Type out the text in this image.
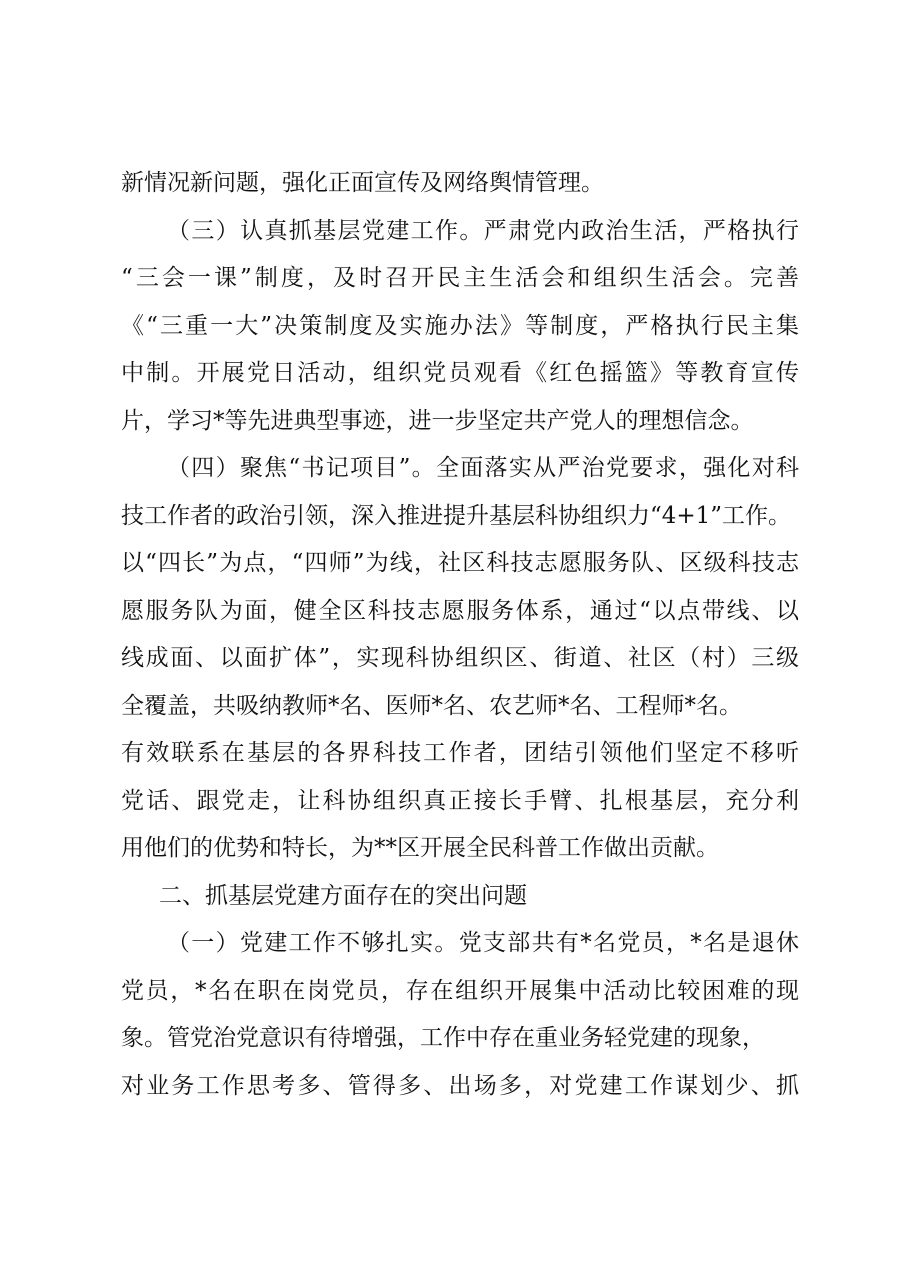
新情况新问题，强化正面宣传及网络舆情管理。
（三）认真抓基层党建工作。严肃党内政治生活，严格执行
“三会一课”制度，及时召开民主生活会和组织生活会。完善
《“三重一大”决策制度及实施办法》等制度，严格执行民主集
中制。开展党日活动，组织党员观看《红色摇篮》等教育宣传
片，学习*等先进典型事迹，进一步坚定共产党人的理想信念。
（四）聚焦“书记项目”。全面落实从严治党要求，强化对科
技工作者的政治引领，深入推进提升基层科协组织力“4+1”工作。
以“四长”为点，“四师”为线，社区科技志愿服务队、区级科技志
愿服务队为面，健全区科技志愿服务体系，通过“以点带线、以
线成面、以面扩体”，实现科协组织区、街道、社区（村）三级
全覆盖，共吸纳教师*名、医师*名、农艺师*名、工程师*名。
有效联系在基层的各界科技工作者，团结引领他们坚定不移听
党话、跟党走，让科协组织真正接长手臂、扎根基层，充分利
用他们的优势和特长，为**区开展全民科普工作做出贡献。
二、抓基层党建方面存在的突出问题
（一）党建工作不够扎实。党支部共有*名党员，*名是退休
党员，*名在职在岗党员，存在组织开展集中活动比较困难的现
象。管党治党意识有待增强，工作中存在重业务轻党建的现象，
对业务工作思考多、管得多、出场多，对党建工作谋划少、抓
